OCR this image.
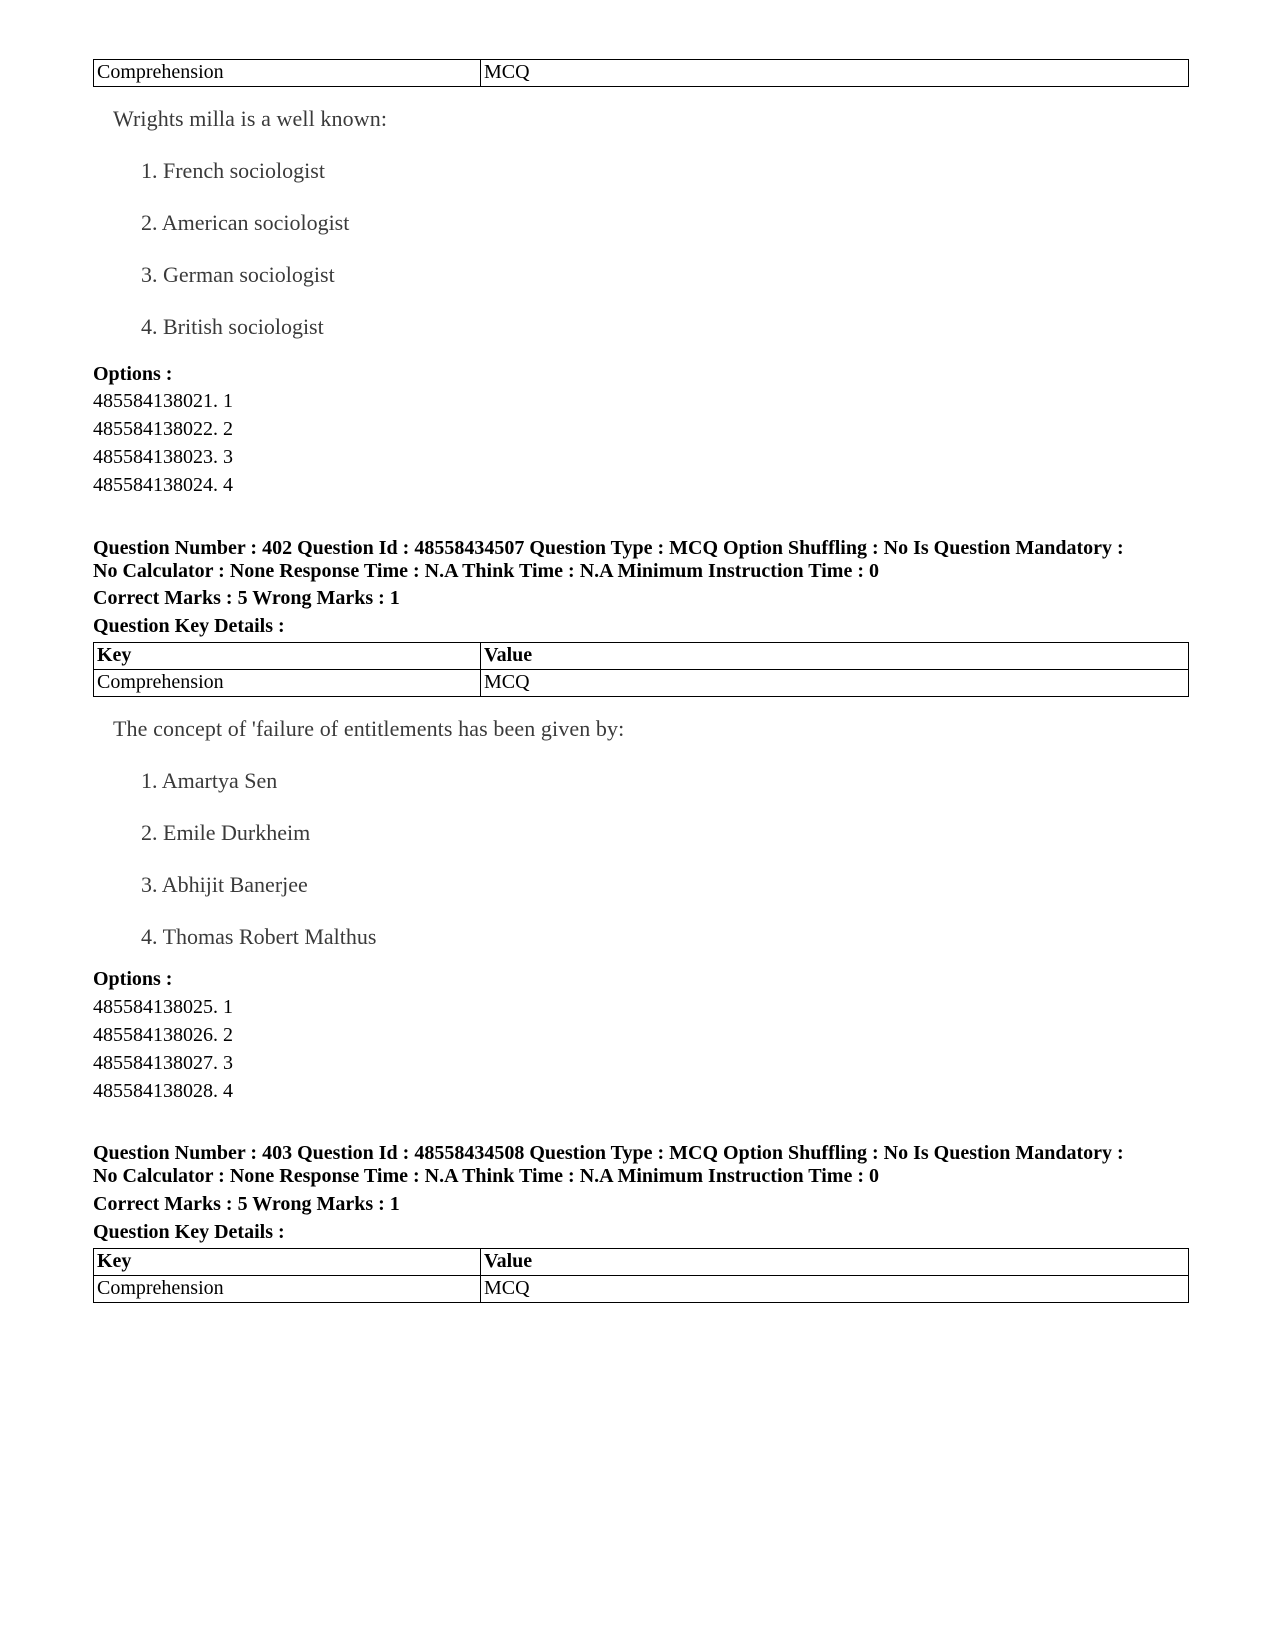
Comprehension	MCQ
Wrights milla is a well known:
1. French sociologist
2. American sociologist
3. German sociologist
4. British sociologist
Options :
485584138021. 1
485584138022. 2
485584138023. 3
485584138024. 4
Question Number : 402 Question Id : 48558434507 Question Type : MCQ Option Shuffling : No Is Question Mandatory :
No Calculator : None Response Time : N.A Think Time : N.A Minimum Instruction Time : 0
Correct Marks : 5 Wrong Marks : 1
Question Key Details :
Key	Value
Comprehension	MCQ
The concept of 'failure of entitlements has been given by:
1. Amartya Sen
2. Emile Durkheim
3. Abhijit Banerjee
4. Thomas Robert Malthus
Options :
485584138025. 1
485584138026. 2
485584138027. 3
485584138028. 4
Question Number : 403 Question Id : 48558434508 Question Type : MCQ Option Shuffling : No Is Question Mandatory :
No Calculator : None Response Time : N.A Think Time : N.A Minimum Instruction Time : 0
Correct Marks : 5 Wrong Marks : 1
Question Key Details :
Key	Value
Comprehension	MCQ
